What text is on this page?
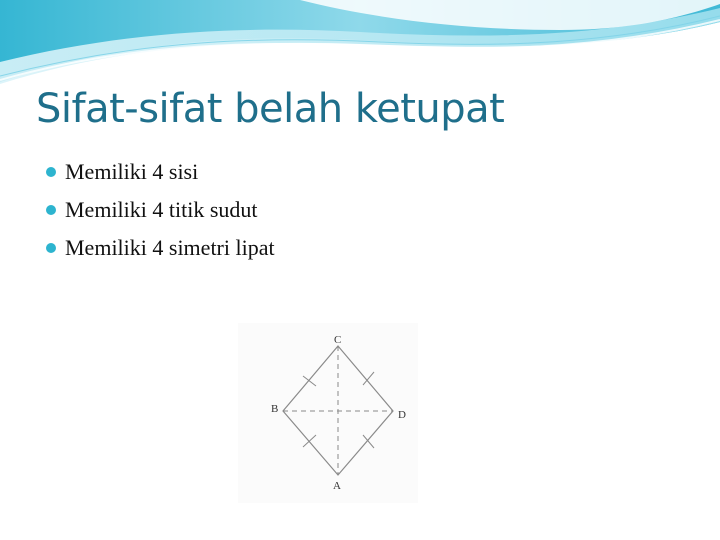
Sifat-sifat belah ketupat
Memiliki 4 sisi
Memiliki 4 titik sudut
Memiliki 4 simetri lipat
C
B	D
A
